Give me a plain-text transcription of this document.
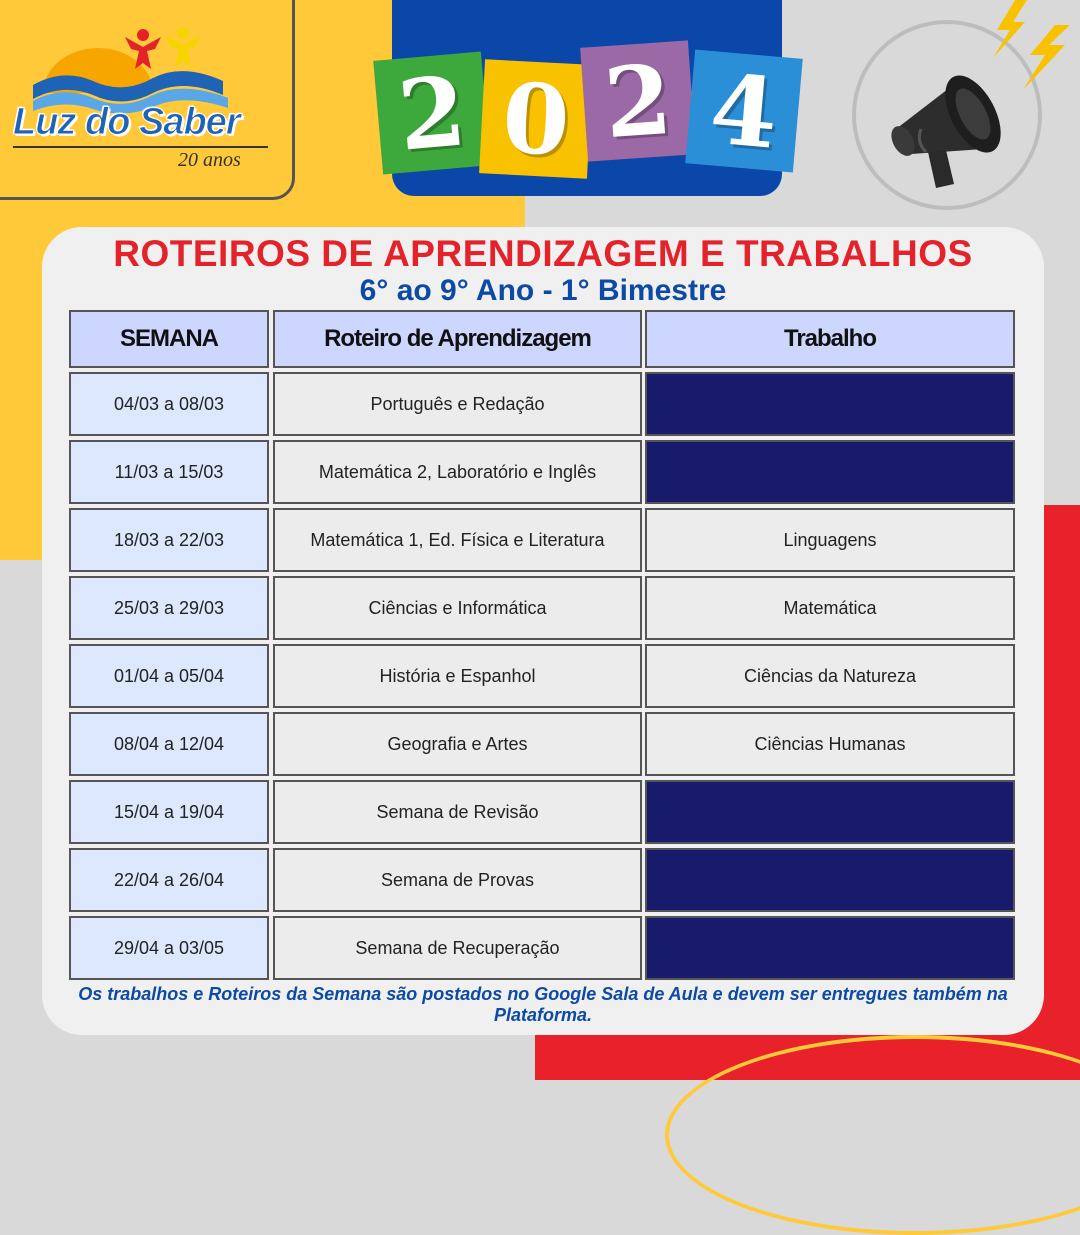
Luz do Saber
20 anos 2 0 2 4
ROTEIROS DE APRENDIZAGEM E TRABALHOS
6° ao 9° Ano - 1° Bimestre
SEMANA	Roteiro de Aprendizagem	Trabalho
04/03 a 08/03	Português e Redação
11/03 a 15/03	Matemática 2, Laboratório e Inglês
18/03 a 22/03	Matemática 1, Ed. Física e Literatura	Linguagens
25/03 a 29/03	Ciências e Informática	Matemática
01/04 a 05/04	História e Espanhol	Ciências da Natureza
08/04 a 12/04	Geografia e Artes	Ciências Humanas
15/04 a 19/04	Semana de Revisão
22/04 a 26/04	Semana de Provas
29/04 a 03/05	Semana de Recuperação
Os trabalhos e Roteiros da Semana são postados no Google Sala de Aula e devem ser entregues também na Plataforma.
